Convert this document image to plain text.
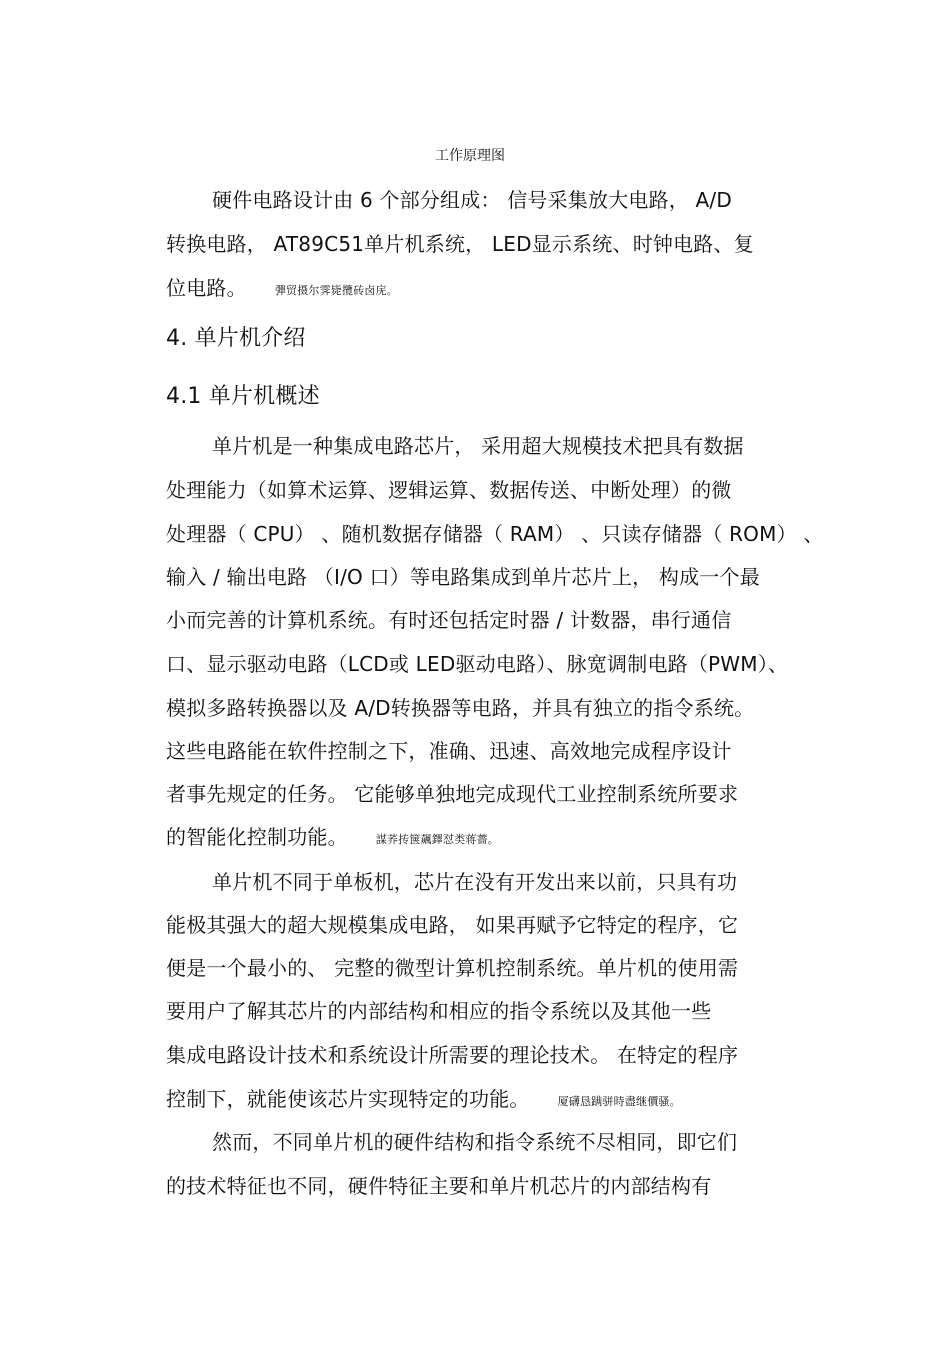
工作原理图
硬件电路设计由 6 个部分组成： 信号采集放大电路， A/D
转换电路， AT89C51单片机系统， LED显示系统、时钟电路、复
位电路。	彈贸摄尔霁毙攬砖卤庑。
4. 单片机介绍
4.1 单片机概述
单片机是一种集成电路芯片， 采用超大规模技术把具有数据
处理能力（如算术运算、逻辑运算、数据传送、中断处理）的微
处理器（ CPU） 、随机数据存储器（ RAM） 、只读存储器（ ROM） 、
输入 / 输出电路 （I/O 口）等电路集成到单片芯片上， 构成一个最
小而完善的计算机系统。有时还包括定时器 / 计数器，串行通信
口、显示驱动电路（LCD或 LED驱动电路）、脉宽调制电路（PWM）、
模拟多路转换器以及 A/D转换器等电路，并具有独立的指令系统。
这些电路能在软件控制之下，准确、迅速、高效地完成程序设计
者事先规定的任务。 它能够单独地完成现代工业控制系统所要求
的智能化控制功能。	謀荞抟箧飆鐸怼类蒋薔。
单片机不同于单板机，芯片在没有开发出来以前，只具有功
能极其强大的超大规模集成电路， 如果再赋予它特定的程序，它
便是一个最小的、 完整的微型计算机控制系统。单片机的使用需
要用户了解其芯片的内部结构和相应的指令系统以及其他一些
集成电路设计技术和系统设计所需要的理论技术。 在特定的程序
控制下，就能使该芯片实现特定的功能。	厦礴恳蹒骈時盡继價骚。
然而，不同单片机的硬件结构和指令系统不尽相同，即它们
的技术特征也不同，硬件特征主要和单片机芯片的内部结构有
